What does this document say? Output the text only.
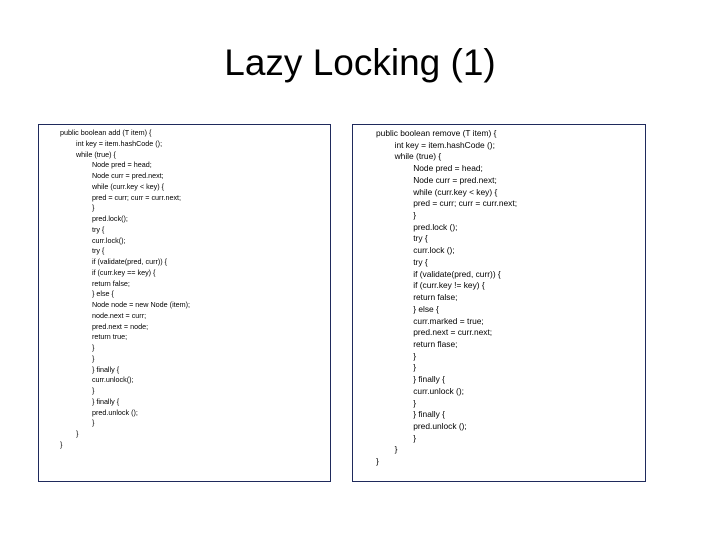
Lazy Locking (1)
public boolean add (T item) {
int key = item.hashCode ();
while (true) {
Node pred = head;
Node curr = pred.next;
while (curr.key < key) {
pred = curr; curr = curr.next;
}
pred.lock();
try {
curr.lock();
try {
if (validate(pred, curr)) {
if (curr.key == key) {
return false;
} else {
Node node = new Node (item);
node.next = curr;
pred.next = node;
return true;
}
}
} finally {
curr.unlock();
}
} finally {
pred.unlock ();
}
}
}
public boolean remove (T item) {
int key = item.hashCode ();
while (true) {
Node pred = head;
Node curr = pred.next;
while (curr.key < key) {
pred = curr; curr = curr.next;
}
pred.lock ();
try {
curr.lock ();
try {
if (validate(pred, curr)) {
if (curr.key != key) {
return false;
} else {
curr.marked = true;
pred.next = curr.next;
return flase;
}
}
} finally {
curr.unlock ();
}
} finally {
pred.unlock ();
}
}
}
